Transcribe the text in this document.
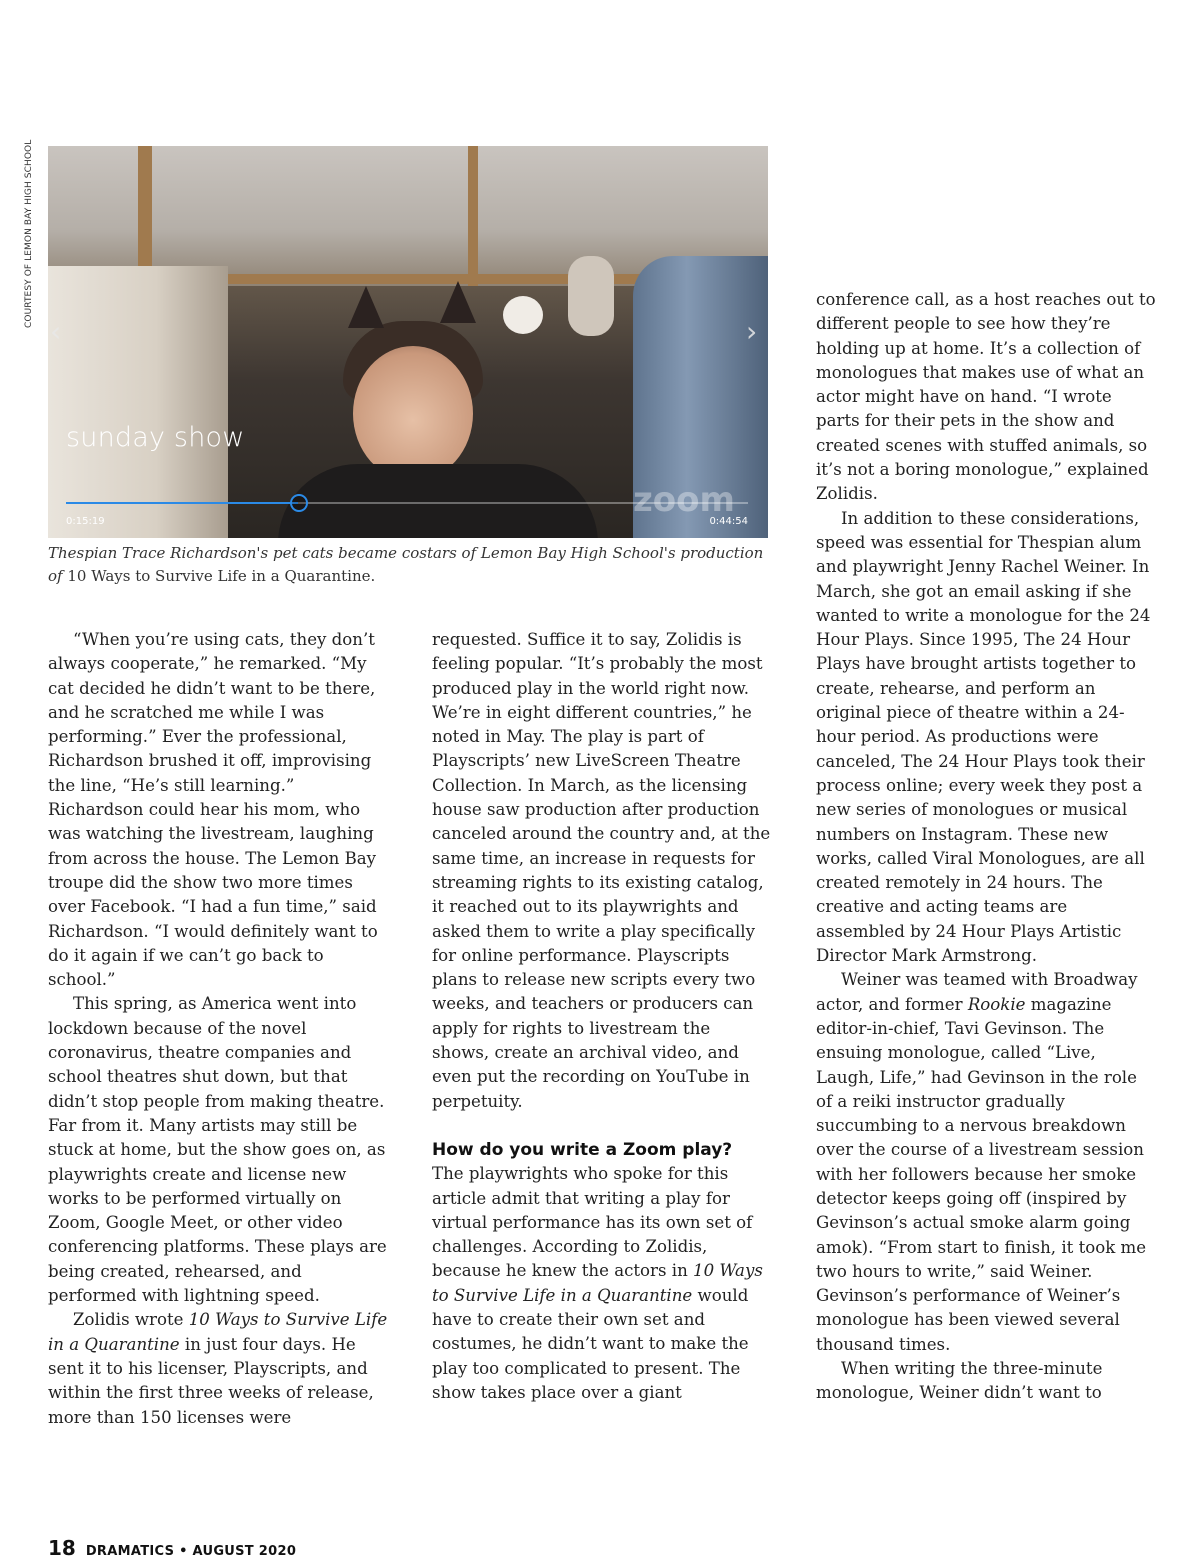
COURTESY OF LEMON BAY HIGH SCHOOL
‹	›
sunday show
zoom
0:15:19	0:44:54
Thespian Trace Richardson's pet cats became costars of Lemon Bay High School's production of 10 Ways to Survive Life in a Quarantine.

“When you’re using cats, they don’t always cooperate,” he remarked. “My cat decided he didn’t want to be there, and he scratched me while I was performing.” Ever the professional, Richardson brushed it off, improvising the line, “He’s still learning.” Richardson could hear his mom, who was watching the livestream, laughing from across the house. The Lemon Bay troupe did the show two more times over Facebook. “I had a fun time,” said Richardson. “I would definitely want to do it again if we can’t go back to school.”

This spring, as America went into lockdown because of the novel coronavirus, theatre companies and school theatres shut down, but that didn’t stop people from making theatre. Far from it. Many artists may still be stuck at home, but the show goes on, as playwrights create and license new works to be performed virtually on Zoom, Google Meet, or other video conferencing platforms. These plays are being created, rehearsed, and performed with lightning speed.

Zolidis wrote 10 Ways to Survive Life in a Quarantine in just four days. He sent it to his licenser, Playscripts, and within the first three weeks of release, more than 150 licenses were

requested. Suffice it to say, Zolidis is feeling popular. “It’s probably the most produced play in the world right now. We’re in eight different countries,” he noted in May. The play is part of Playscripts’ new LiveScreen Theatre Collection. In March, as the licensing house saw production after production canceled around the country and, at the same time, an increase in requests for streaming rights to its existing catalog, it reached out to its playwrights and asked them to write a play specifically for online performance. Playscripts plans to release new scripts every two weeks, and teachers or producers can apply for rights to livestream the shows, create an archival video, and even put the recording on YouTube in perpetuity.

How do you write a Zoom play?

The playwrights who spoke for this article admit that writing a play for virtual performance has its own set of challenges. According to Zolidis, because he knew the actors in 10 Ways to Survive Life in a Quarantine would have to create their own set and costumes, he didn’t want to make the play too complicated to present. The show takes place over a giant

conference call, as a host reaches out to different people to see how they’re holding up at home. It’s a collection of monologues that makes use of what an actor might have on hand. “I wrote parts for their pets in the show and created scenes with stuffed animals, so it’s not a boring monologue,” explained Zolidis.

In addition to these considerations, speed was essential for Thespian alum and playwright Jenny Rachel Weiner. In March, she got an email asking if she wanted to write a monologue for the 24 Hour Plays. Since 1995, The 24 Hour Plays have brought artists together to create, rehearse, and perform an original piece of theatre within a 24-hour period. As productions were canceled, The 24 Hour Plays took their process online; every week they post a new series of monologues or musical numbers on Instagram. These new works, called Viral Monologues, are all created remotely in 24 hours. The creative and acting teams are assembled by 24 Hour Plays Artistic Director Mark Armstrong.

Weiner was teamed with Broadway actor, and former Rookie magazine editor-in-chief, Tavi Gevinson. The ensuing monologue, called “Live, Laugh, Life,” had Gevinson in the role of a reiki instructor gradually succumbing to a nervous breakdown over the course of a livestream session with her followers because her smoke detector keeps going off (inspired by Gevinson’s actual smoke alarm going amok). “From start to finish, it took me two hours to write,” said Weiner. Gevinson’s performance of Weiner’s monologue has been viewed several thousand times.

When writing the three-minute monologue, Weiner didn’t want to

18 DRAMATICS • AUGUST 2020
